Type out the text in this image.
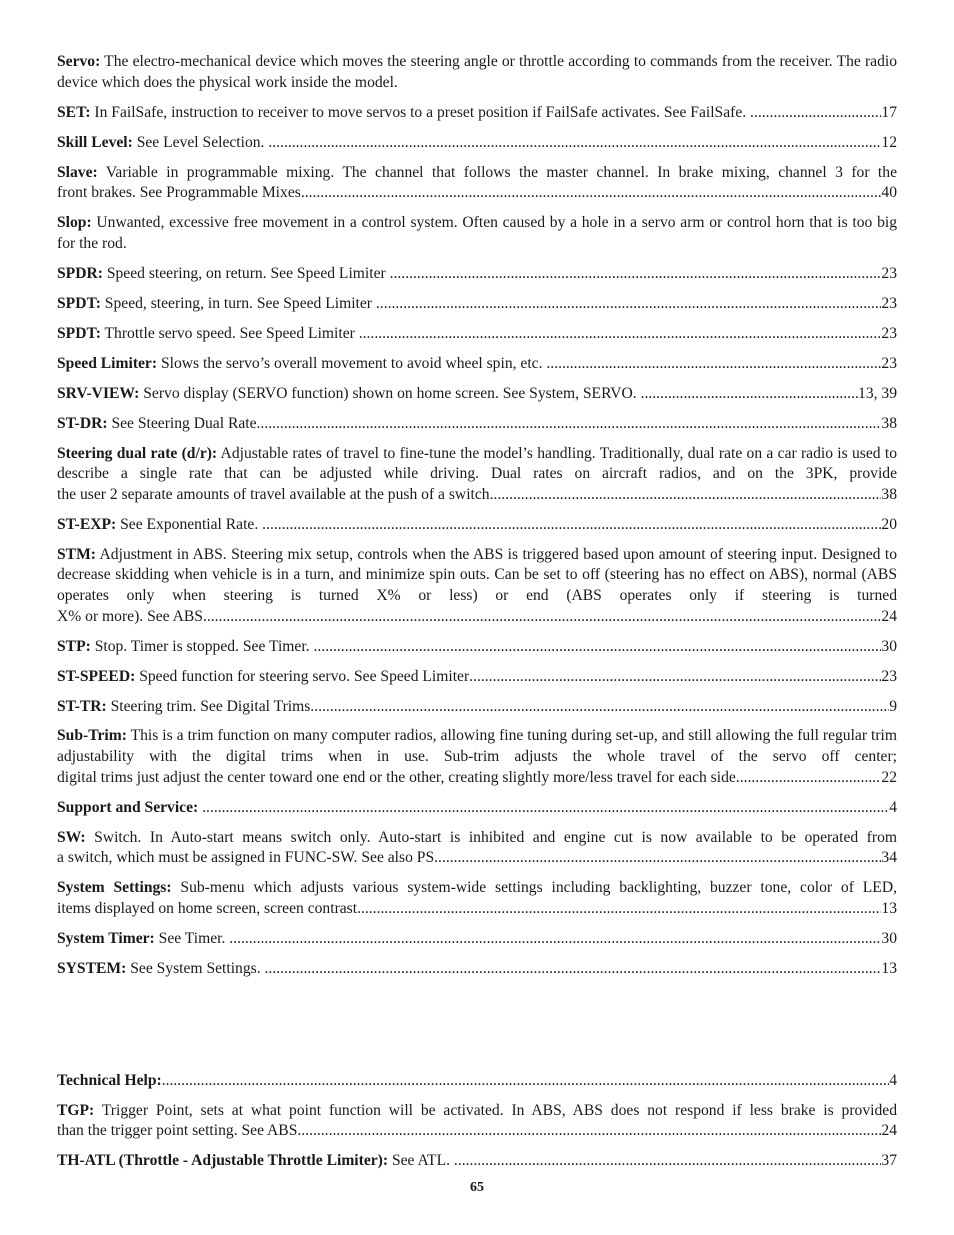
Servo: The electro-mechanical device which moves the steering angle or throttle according to commands from the receiver. The radio device which does the physical work inside the model.
SET: In FailSafe, instruction to receiver to move servos to a preset position if FailSafe activates. See FailSafe. .....	17
Skill Level: See Level Selection. .....	12
Slave: Variable in programmable mixing. The channel that follows the master channel. In brake mixing, channel 3 for the
front brakes. See Programmable Mixes .....	40
Slop: Unwanted, excessive free movement in a control system. Often caused by a hole in a servo arm or control horn that is too big for the rod.
SPDR: Speed steering, on return. See Speed Limiter .....	23
SPDT: Speed, steering, in turn. See Speed Limiter .....	23
SPDT: Throttle servo speed. See Speed Limiter .....	23
Speed Limiter: Slows the servo’s overall movement to avoid wheel spin, etc. .....	23
SRV-VIEW: Servo display (SERVO function) shown on home screen. See System, SERVO. .....	13, 39
ST-DR: See Steering Dual Rate .....	38
Steering dual rate (d/r): Adjustable rates of travel to fine-tune the model’s handling. Traditionally, dual rate on a car radio is used to describe a single rate that can be adjusted while driving. Dual rates on aircraft radios, and on the 3PK, provide
the user 2 separate amounts of travel available at the push of a switch. .....	38
ST-EXP: See Exponential Rate. .....	20
STM: Adjustment in ABS. Steering mix setup, controls when the ABS is triggered based upon amount of steering input. Designed to decrease skidding when vehicle is in a turn, and minimize spin outs. Can be set to off (steering has no effect on ABS), normal (ABS operates only when steering is turned X% or less) or end (ABS operates only if steering is turned
X% or more). See ABS. .....	24
STP: Stop. Timer is stopped. See Timer. .....	30
ST-SPEED: Speed function for steering servo. See Speed Limiter .....	23
ST-TR: Steering trim. See Digital Trims. .....	9
Sub-Trim: This is a trim function on many computer radios, allowing fine tuning during set-up, and still allowing the full regular trim adjustability with the digital trims when in use. Sub-trim adjusts the whole travel of the servo off center;
digital trims just adjust the center toward one end or the other, creating slightly more/less travel for each side. .....	22
Support and Service: .....	4
SW: Switch. In Auto-start means switch only. Auto-start is inhibited and engine cut is now available to be operated from
a switch, which must be assigned in FUNC-SW. See also PS. .....	34
System Settings: Sub-menu which adjusts various system-wide settings including backlighting, buzzer tone, color of LED,
items displayed on home screen, screen contrast. .....	13
System Timer: See Timer. .....	30
SYSTEM: See System Settings. .....	13
Technical Help: .....	4
TGP: Trigger Point, sets at what point function will be activated. In ABS, ABS does not respond if less brake is provided
than the trigger point setting. See ABS. .....	24
TH-ATL (Throttle - Adjustable Throttle Limiter): See ATL. .....	37
65
